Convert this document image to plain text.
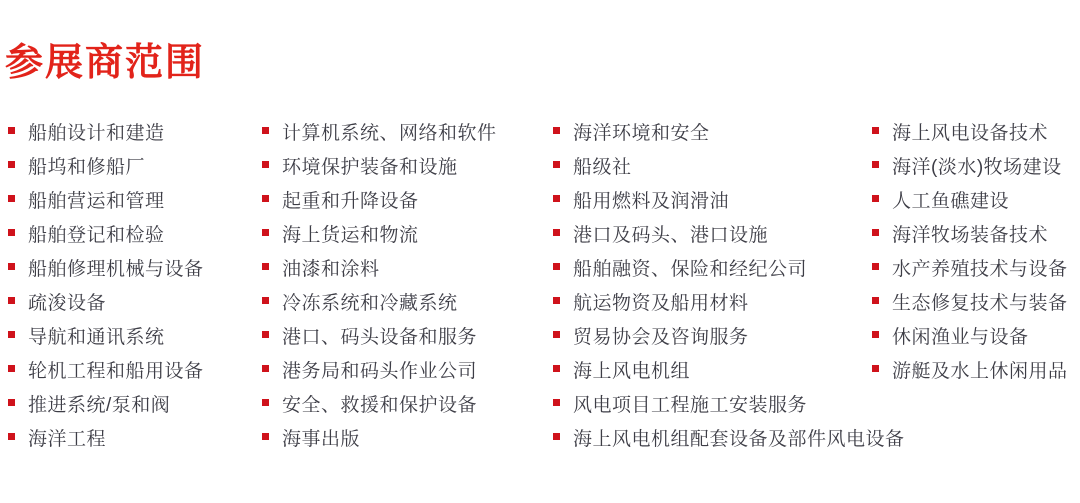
参展商范围
船舶设计和建造
船坞和修船厂
船舶营运和管理
船舶登记和检验
船舶修理机械与设备
疏浚设备
导航和通讯系统
轮机工程和船用设备
推进系统/泵和阀
海洋工程
计算机系统、网络和软件
环境保护装备和设施
起重和升降设备
海上货运和物流
油漆和涂料
冷冻系统和冷藏系统
港口、码头设备和服务
港务局和码头作业公司
安全、救援和保护设备
海事出版
海洋环境和安全
船级社
船用燃料及润滑油
港口及码头、港口设施
船舶融资、保险和经纪公司
航运物资及船用材料
贸易协会及咨询服务
海上风电机组
风电项目工程施工安装服务
海上风电机组配套设备及部件风电设备
海上风电设备技术
海洋(淡水)牧场建设
人工鱼礁建设
海洋牧场装备技术
水产养殖技术与设备
生态修复技术与装备
休闲渔业与设备
游艇及水上休闲用品
